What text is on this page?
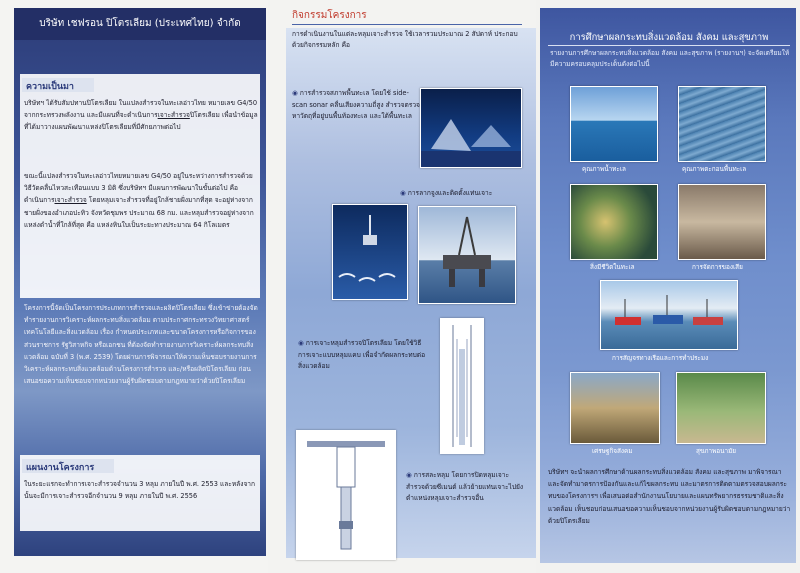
บริษัท เชฟรอน ปิโตรเลียม (ประเทศไทย) จำกัด
ความเป็นมา

บริษัทฯ ได้รับสัมปทานปิโตรเลียม ในแปลงสำรวจในทะเลอ่าวไทย หมายเลข G4/50 จากกระทรวงพลังงาน และมีแผนที่จะดำเนินการเจาะสำรวจปิโตรเลียม เพื่อนำข้อมูลที่ได้มาวางแผนพัฒนาแหล่งปิโตรเลียมที่มีศักยภาพต่อไป

ขณะนี้แปลงสำรวจในทะเลอ่าวไทยหมายเลข G4/50 อยู่ในระหว่างการสำรวจด้วยวิธีวัดคลื่นไหวสะเทือนแบบ 3 มิติ ซึ่งบริษัทฯ มีแผนการพัฒนาในขั้นต่อไป คือ ดำเนินการเจาะสำรวจ โดยหลุมเจาะสำรวจที่อยู่ใกล้ชายฝั่งมากที่สุด จะอยู่ห่างจากชายฝั่งของอำเภอปะทิว จังหวัดชุมพร ประมาณ 68 กม. และหลุมสำรวจอยู่ห่างจากแหล่งดำน้ำที่ใกล้ที่สุด คือ แหล่งหินใบเป็นระยะทางประมาณ 64 กิโลเมตร

โครงการนี้จัดเป็นโครงการประเภทการสำรวจและผลิตปิโตรเลียม ซึ่งเข้าข่ายต้องจัดทำรายงานการวิเคราะห์ผลกระทบสิ่งแวดล้อม ตามประกาศกระทรวงวิทยาศาสตร์ เทคโนโลยีและสิ่งแวดล้อม เรื่อง กำหนดประเภทและขนาดโครงการหรือกิจการของส่วนราชการ รัฐวิสาหกิจ หรือเอกชน ที่ต้องจัดทำรายงานการวิเคราะห์ผลกระทบสิ่งแวดล้อม ฉบับที่ 3 (พ.ศ. 2539) โดยผ่านการพิจารณาให้ความเห็นชอบรายงานการวิเคราะห์ผลกระทบสิ่งแวดล้อมด้านโครงการสำรวจ และ/หรือผลิตปิโตรเลียม ก่อนเสนอขอความเห็นชอบจากหน่วยงานผู้รับผิดชอบตามกฎหมายว่าด้วยปิโตรเลียม

แผนงานโครงการ

ในระยะแรกจะทำการเจาะสำรวจจำนวน 3 หลุม ภายในปี พ.ศ. 2553 และหลังจากนั้นจะมีการเจาะสำรวจอีกจำนวน 9 หลุม ภายในปี พ.ศ. 2556

กิจกรรมโครงการ

การดำเนินงานในแต่ละหลุมเจาะสำรวจ ใช้เวลารวมประมาณ 2 สัปดาห์ ประกอบด้วยกิจกรรมหลัก คือ

◉ การสำรวจสภาพพื้นทะเล โดยใช้ side-scan sonar คลื่นเสียงความถี่สูง สำรวจตรวจหาวัตถุที่อยู่บนพื้นท้องทะเล และใต้พื้นทะเล

◉ การลากจูงและติดตั้งแท่นเจาะ

◉ การเจาะหลุมสำรวจปิโตรเลียม โดยใช้วิธีการเจาะแบบหลุมแคบ เพื่อจำกัดผลกระทบต่อสิ่งแวดล้อม

◉ การสละหลุม โดยการปิดหลุมเจาะสำรวจด้วยซีเมนต์ แล้วย้ายแท่นเจาะไปยังตำแหน่งหลุมเจาะสำรวจอื่น

การศึกษาผลกระทบสิ่งแวดล้อม สังคม และสุขภาพ

รายงานการศึกษาผลกระทบสิ่งแวดล้อม สังคม และสุขภาพ (รายงานฯ) จะจัดเตรียมให้มีความครอบคลุมประเด็นดังต่อไปนี้

คุณภาพน้ำทะเล	คุณภาพตะกอนพื้นทะเล
สิ่งมีชีวิตในทะเล	การจัดการของเสีย
การสัญจรทางเรือและการทำประมง
เศรษฐกิจสังคม	สุขภาพอนามัย

บริษัทฯ จะนำผลการศึกษาด้านผลกระทบสิ่งแวดล้อม สังคม และสุขภาพ มาพิจารณาและจัดทำมาตรการป้องกันและแก้ไขผลกระทบ และมาตรการติดตามตรวจสอบผลกระทบของโครงการฯ เพื่อเสนอต่อสำนักงานนโยบายและแผนทรัพยากรธรรมชาติและสิ่งแวดล้อม เห็นชอบก่อนเสนอขอความเห็นชอบจากหน่วยงานผู้รับผิดชอบตามกฎหมายว่าด้วยปิโตรเลียม
